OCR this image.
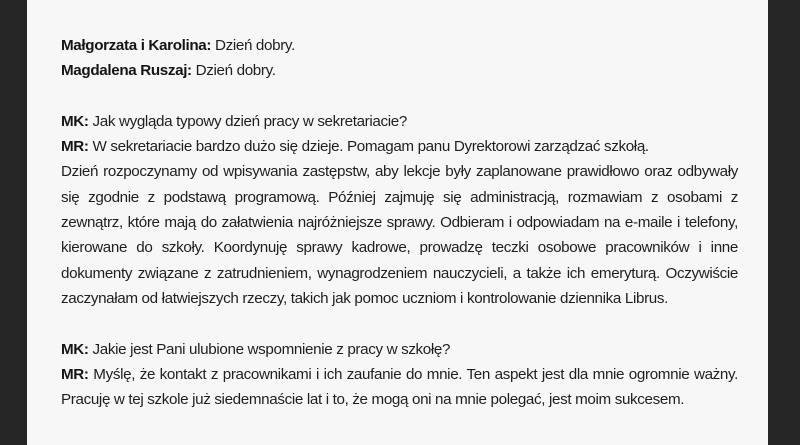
Małgorzata i Karolina: Dzień dobry.
Magdalena Ruszaj: Dzień dobry.
MK: Jak wygląda typowy dzień pracy w sekretariacie?
MR: W sekretariacie bardzo dużo się dzieje. Pomagam panu Dyrektorowi zarządzać szkołą.
Dzień rozpoczynamy od wpisywania zastępstw, aby lekcje były zaplanowane prawidłowo oraz odbywały się zgodnie z podstawą programową. Później zajmuję się administracją, rozmawiam z osobami z zewnątrz, które mają do załatwienia najróżniejsze sprawy. Odbieram i odpowiadam na e-maile i telefony, kierowane do szkoły. Koordynuję sprawy kadrowe, prowadzę teczki osobowe pracowników i inne dokumenty związane z zatrudnieniem, wynagrodzeniem nauczycieli, a także ich emeryturą. Oczywiście zaczynałam od łatwiejszych rzeczy, takich jak pomoc uczniom i kontrolowanie dziennika Librus.
MK: Jakie jest Pani ulubione wspomnienie z pracy w szkołę?
MR: Myślę, że kontakt z pracownikami i ich zaufanie do mnie. Ten aspekt jest dla mnie ogromnie ważny. Pracuję w tej szkole już siedemnaście lat i to, że mogą oni na mnie polegać, jest moim sukcesem.
